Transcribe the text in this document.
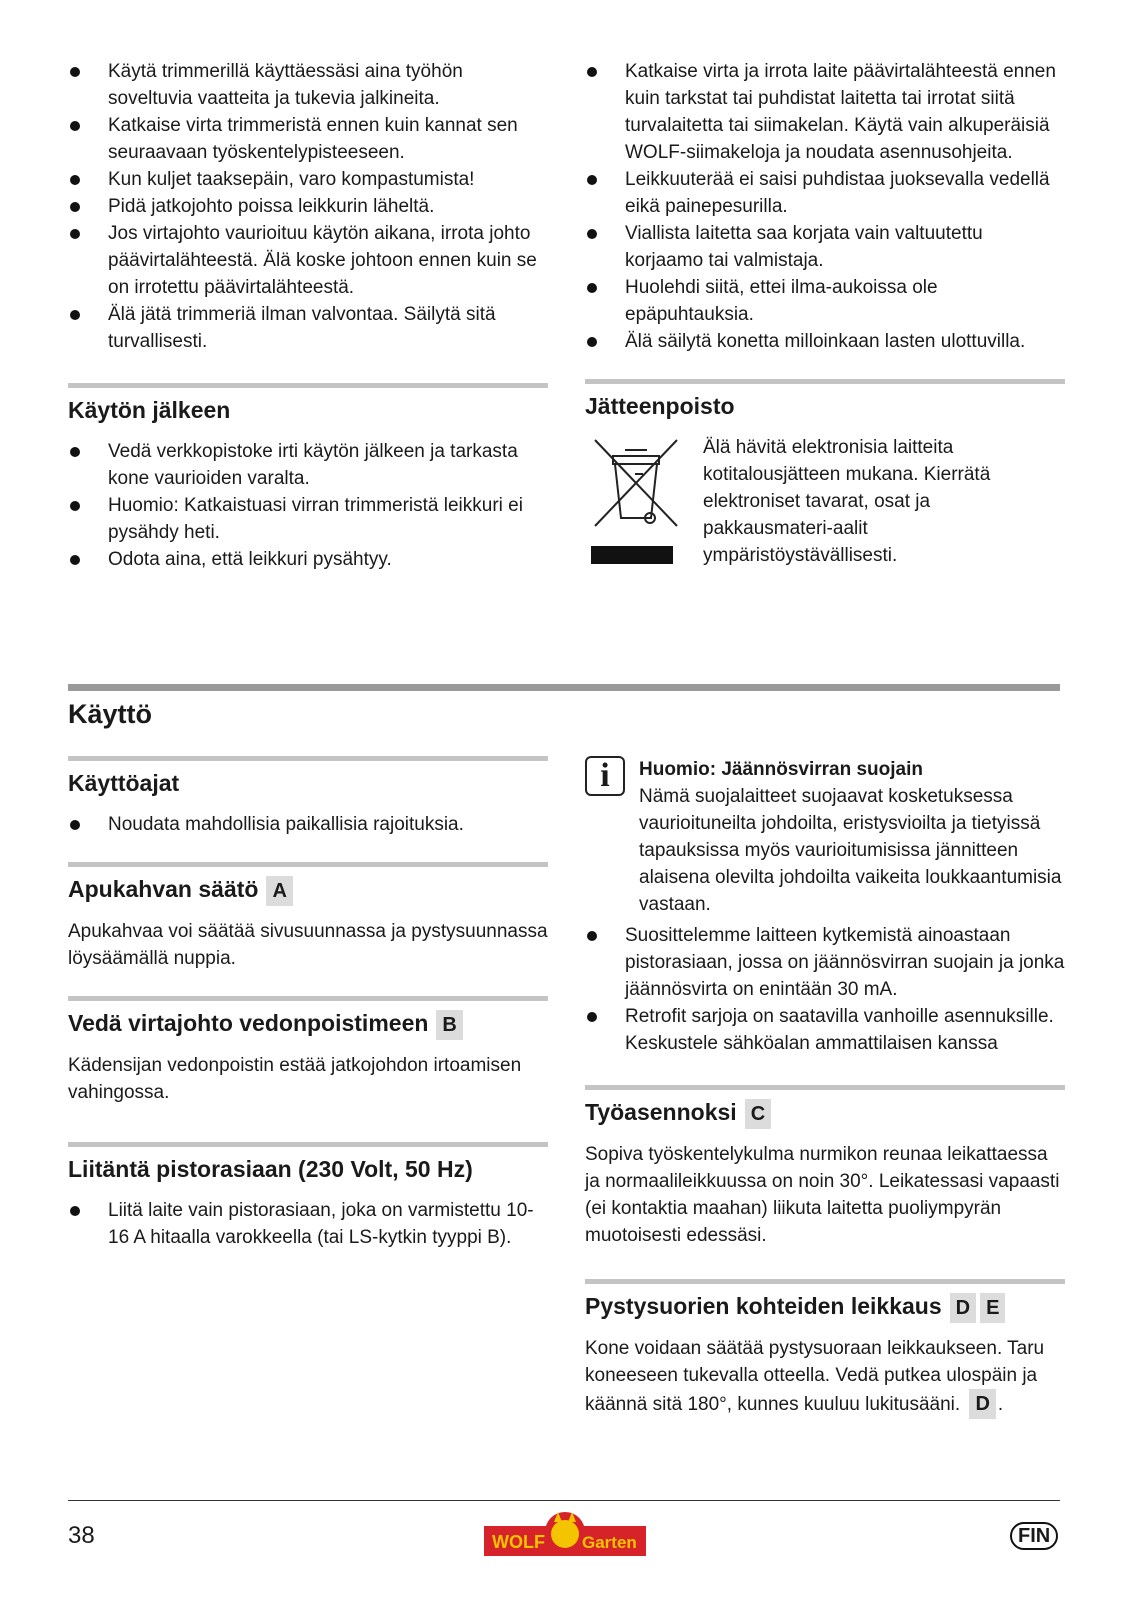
Käytä trimmerillä käyttäessäsi aina työhön soveltuvia vaatteita ja tukevia jalkineita.
Katkaise virta trimmeristä ennen kuin kannat sen seuraavaan työskentelypisteeseen.
Kun kuljet taaksepäin, varo kompastumista!
Pidä jatkojohto poissa leikkurin läheltä.
Jos virtajohto vaurioituu käytön aikana, irrota johto päävirtalähteestä. Älä koske johtoon ennen kuin se on irrotettu päävirtalähteestä.
Älä jätä trimmeriä ilman valvontaa. Säilytä sitä turvallisesti.
Käytön jälkeen
Vedä verkkopistoke irti käytön jälkeen ja tarkasta kone vaurioiden varalta.
Huomio: Katkaistuasi virran trimmeristä leikkuri ei pysähdy heti.
Odota aina, että leikkuri pysähtyy.
Katkaise virta ja irrota laite päävirtalähteestä ennen kuin tarkstat tai puhdistat laitetta tai irrotat siitä turvalaitetta tai siimakelan. Käytä vain alkuperäisiä WOLF-siimakeloja ja noudata asennusohjeita.
Leikkuuterää ei saisi puhdistaa juoksevalla vedellä eikä painepesurilla.
Viallista laitetta saa korjata vain valtuutettu korjaamo tai valmistaja.
Huolehdi siitä, ettei ilma-aukoissa ole epäpuhtauksia.
Älä säilytä konetta milloinkaan lasten ulottuvilla.
Jätteenpoisto

Älä hävitä elektronisia laitteita kotitalousjätteen mukana. Kierrätä elektroniset tavarat, osat ja pakkausmateri-aalit ympäristöystävällisesti.

Käyttö
Käyttöajat
Noudata mahdollisia paikallisia rajoituksia.
Apukahvan säätö A

Apukahvaa voi säätää sivusuunnassa ja pystysuunnassa löysäämällä nuppia.

Vedä virtajohto vedonpoistimeen B

Kädensijan vedonpoistin estää jatkojohdon irtoamisen vahingossa.

Liitäntä pistorasiaan (230 Volt, 50 Hz)
Liitä laite vain pistorasiaan, joka on varmistettu 10-16 A hitaalla varokkeella (tai LS-kytkin tyyppi B).
i	Huomio: Jäännösvirran suojain

Nämä suojalaitteet suojaavat kosketuksessa vaurioituneilta johdoilta, eristysvioilta ja tietyissä tapauksissa myös vaurioitumisissa jännitteen alaisena olevilta johdoilta vaikeita loukkaantumisia vastaan.

Suosittelemme laitteen kytkemistä ainoastaan pistorasiaan, jossa on jäännösvirran suojain ja jonka jäännösvirta on enintään 30 mA.
Retrofit sarjoja on saatavilla vanhoille asennuksille. Keskustele sähköalan ammattilaisen kanssa
Työasennoksi C

Sopiva työskentelykulma nurmikon reunaa leikattaessa ja normaalileikkuussa on noin 30°. Leikatessasi vapaasti (ei kontaktia maahan) liikuta laitetta puoliympyrän muotoisesti edessäsi.

Pystysuorien kohteiden leikkaus D E

Kone voidaan säätää pystysuoraan leikkaukseen. Taru koneeseen tukevalla otteella. Vedä putkea ulospäin ja käännä sitä 180°, kunnes kuuluu lukitusääni. D .

38	WOLF Garten	FIN
